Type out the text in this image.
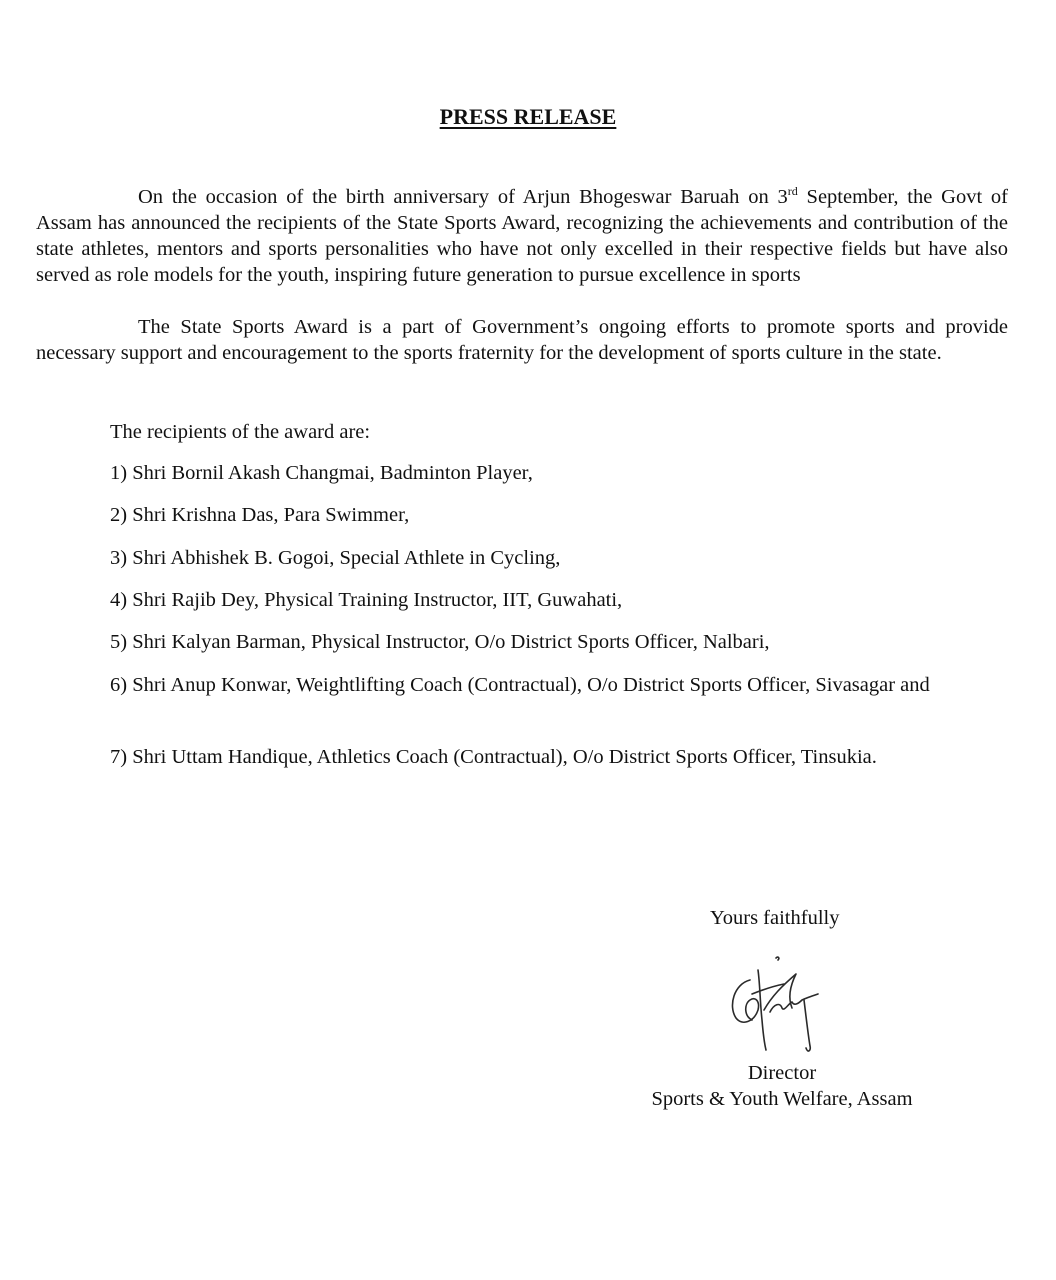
PRESS RELEASE

On the occasion of the birth anniversary of Arjun Bhogeswar Baruah on 3rd September, the Govt of Assam has announced the recipients of the State Sports Award, recognizing the achievements and contribution of the state athletes, mentors and sports personalities who have not only excelled in their respective fields but have also served as role models for the youth, inspiring future generation to pursue excellence in sports

The State Sports Award is a part of Government’s ongoing efforts to promote sports and provide necessary support and encouragement to the sports fraternity for the development of sports culture in the state.

The recipients of the award are:
1) Shri Bornil Akash Changmai, Badminton Player,
2) Shri Krishna Das, Para Swimmer,
3) Shri Abhishek B. Gogoi, Special Athlete in Cycling,
4) Shri Rajib Dey, Physical Training Instructor, IIT, Guwahati,
5) Shri Kalyan Barman, Physical Instructor, O/o District Sports Officer, Nalbari,
6) Shri Anup Konwar, Weightlifting Coach (Contractual), O/o District Sports Officer, Sivasagar and
7) Shri Uttam Handique, Athletics Coach (Contractual), O/o District Sports Officer, Tinsukia.
Yours faithfully
Director
Sports & Youth Welfare, Assam
